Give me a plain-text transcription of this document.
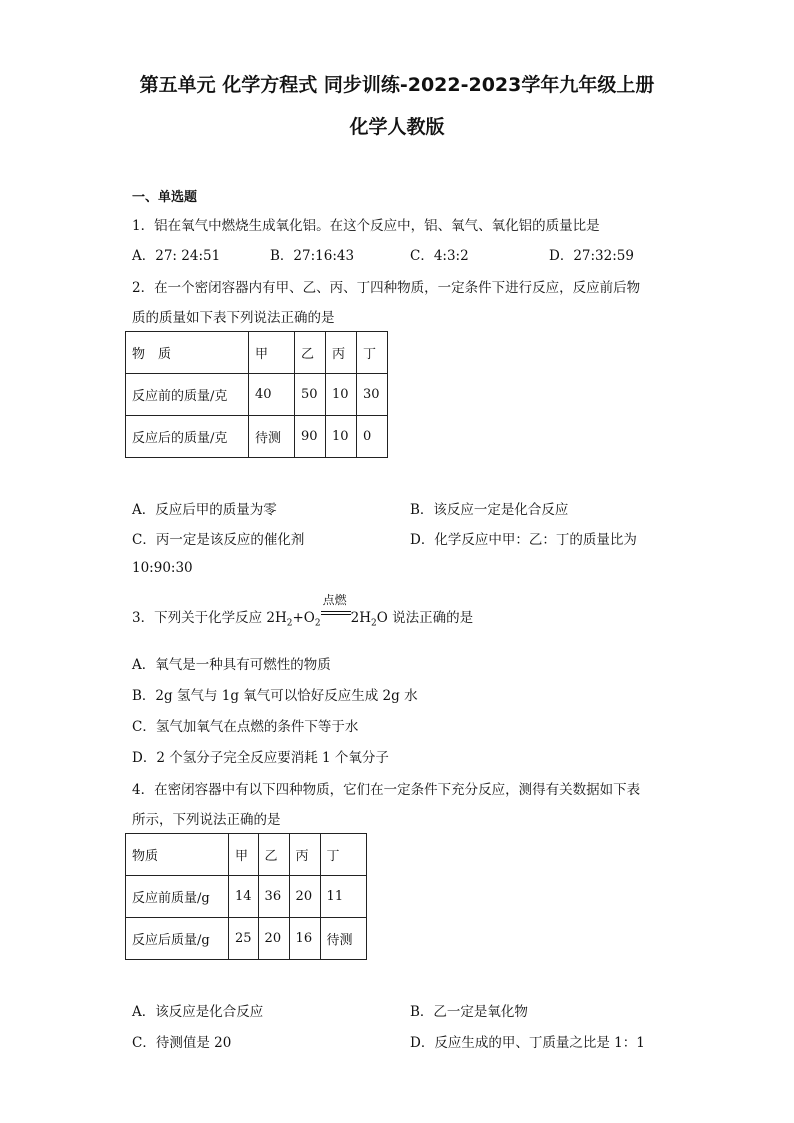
第五单元 化学方程式 同步训练-2022-2023学年九年级上册
化学人教版
一、单选题
1．铝在氧气中燃烧生成氧化铝。在这个反应中，铝、氧气、氧化铝的质量比是
A．27: 24:51	B．27:16:43	C．4:3:2	D．27:32:59
2．在一个密闭容器内有甲、乙、丙、丁四种物质，一定条件下进行反应，反应前后物
质的质量如下表下列说法正确的是
物　质	甲	乙	丙	丁
反应前的质量/克	40	50	10	30
反应后的质量/克	待测	90	10	0
A．反应后甲的质量为零	B．该反应一定是化合反应
C．丙一定是该反应的催化剂	D．化学反应中甲：乙：丁的质量比为
10:90:30
3．下列关于化学反应 $2H_2+O_2$
点燃
$2H_2O$ 说法正确的是
A．氧气是一种具有可燃性的物质
B．2g 氢气与 1g 氧气可以恰好反应生成 2g 水
C．氢气加氧气在点燃的条件下等于水
D．2 个氢分子完全反应要消耗 1 个氧分子
4．在密闭容器中有以下四种物质，它们在一定条件下充分反应，测得有关数据如下表
所示，下列说法正确的是
物质	甲	乙	丙	丁
反应前质量/g	14	36	20	11
反应后质量/g	25	20	16	待测
A．该反应是化合反应	B．乙一定是氧化物
C．待测值是 20	D．反应生成的甲、丁质量之比是 1：1
